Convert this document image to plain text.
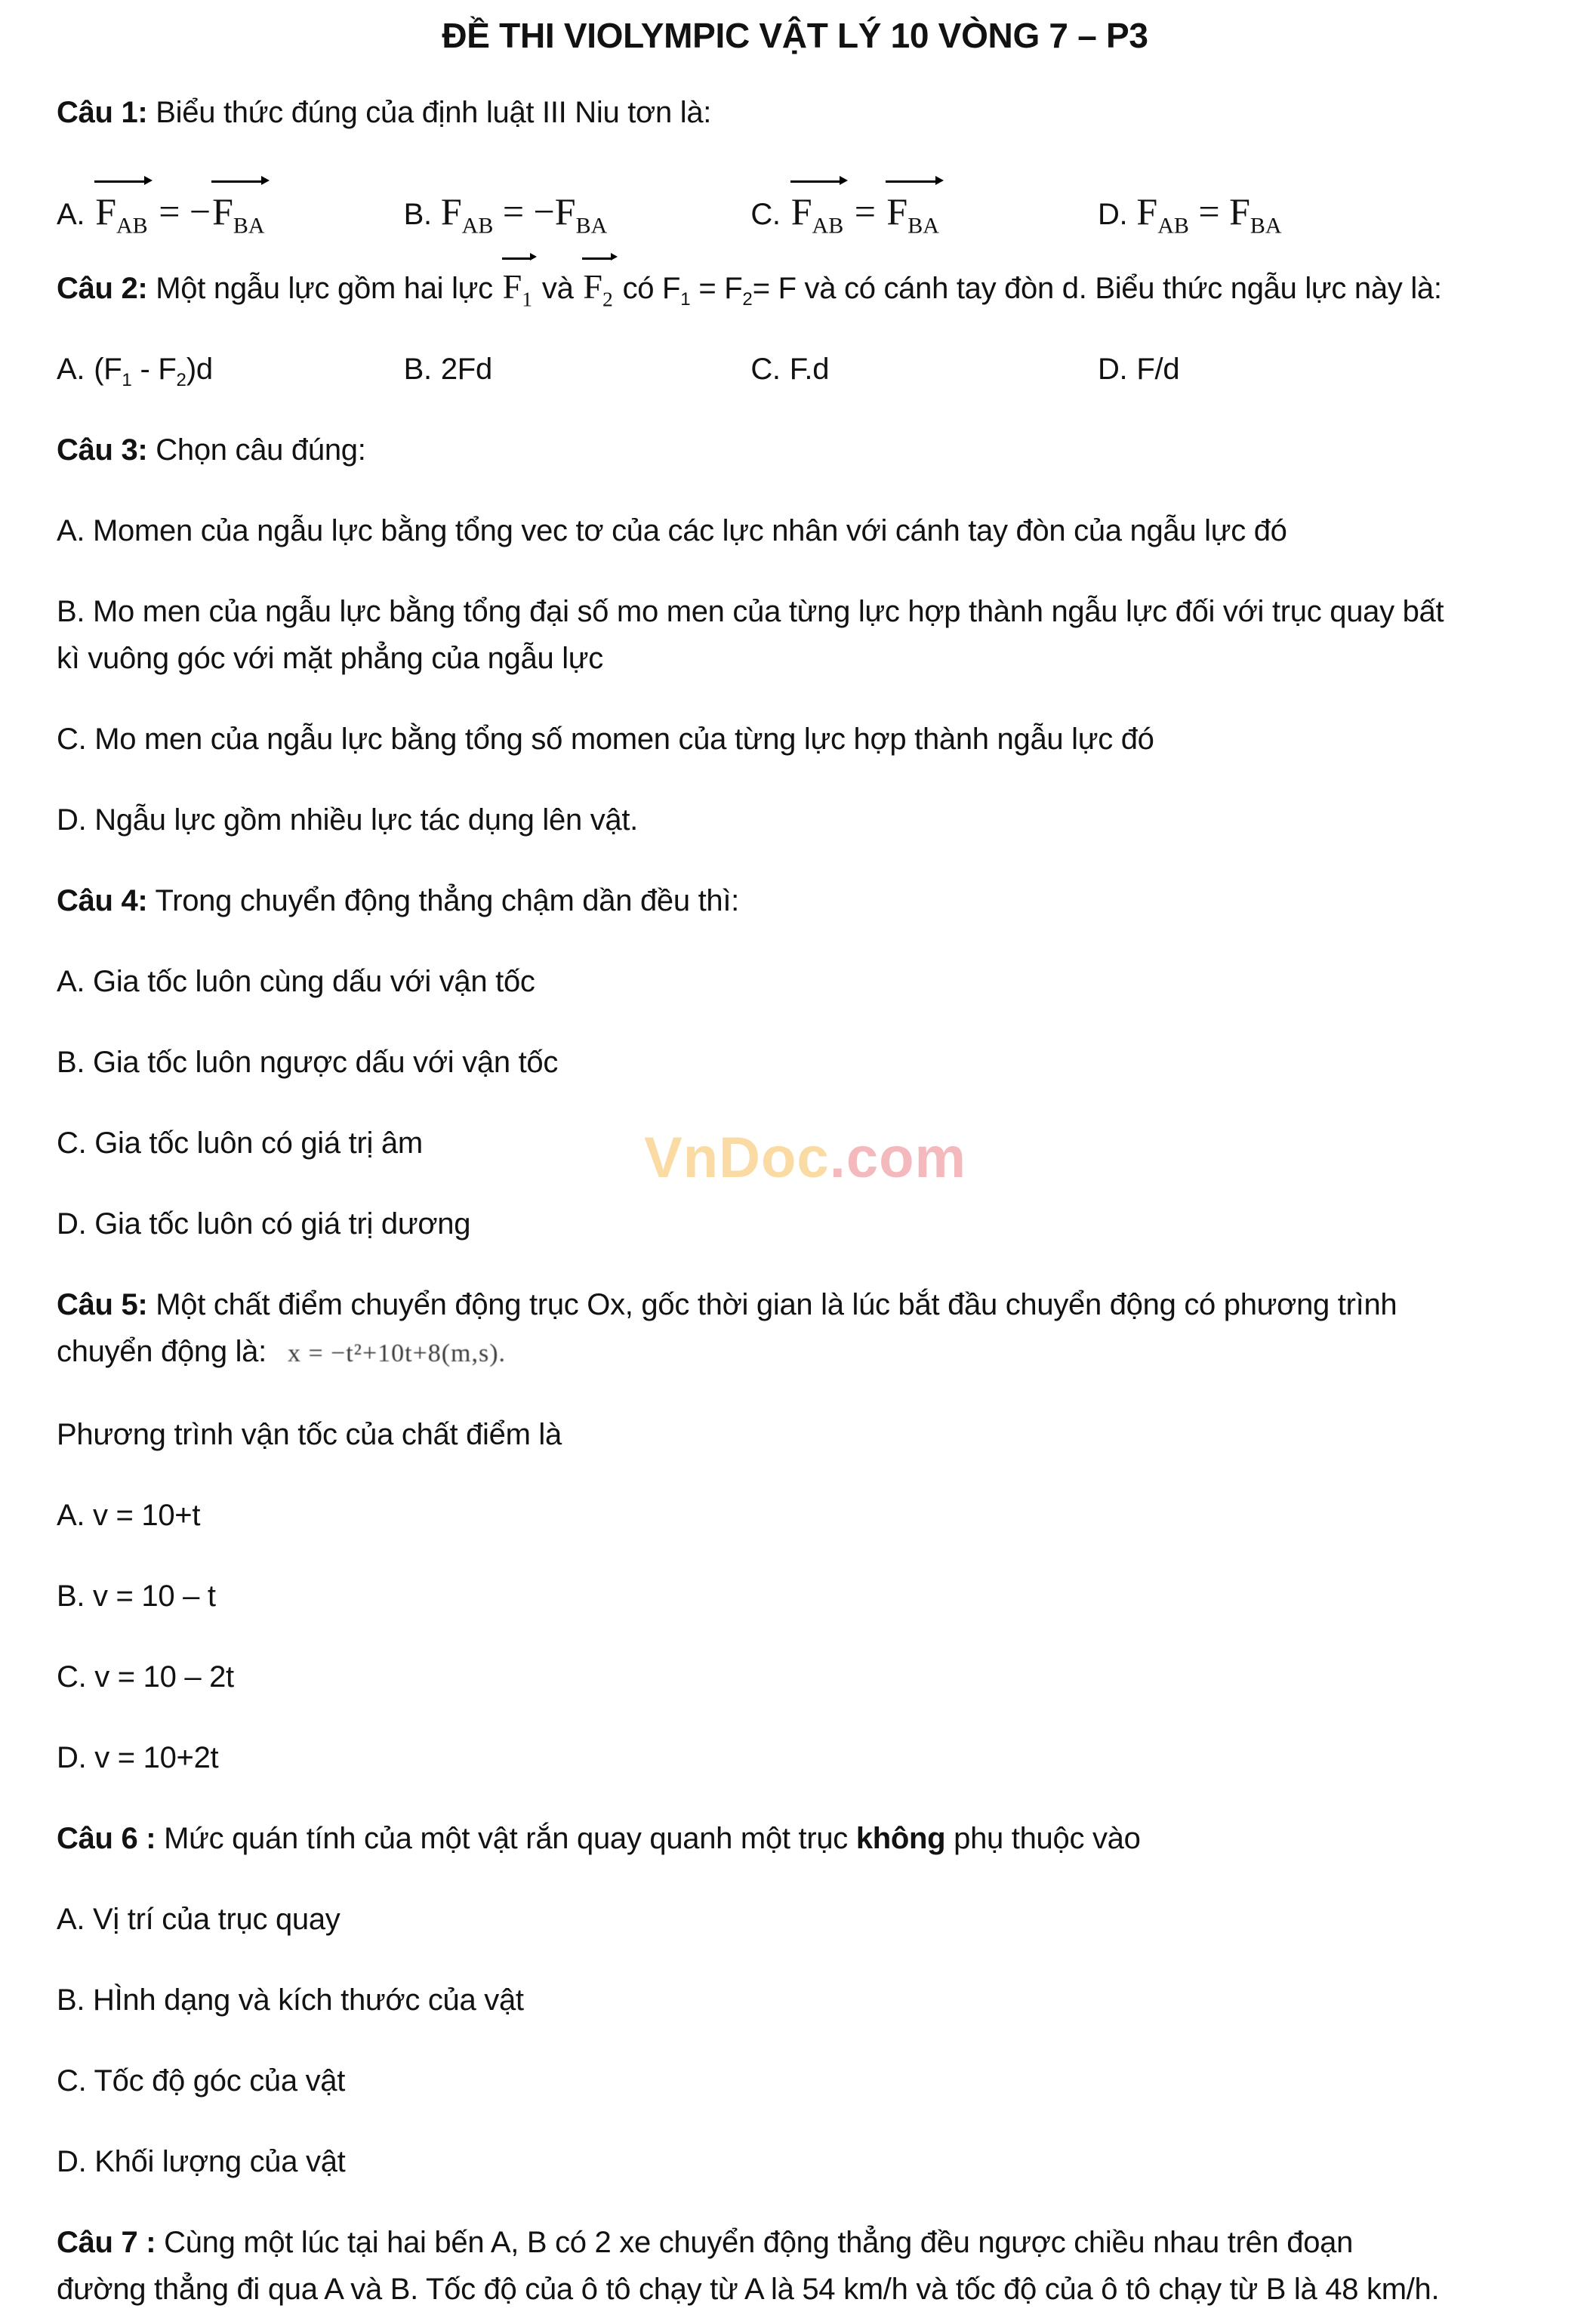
ĐỀ THI VIOLYMPIC VẬT LÝ 10 VÒNG 7 – P3

Câu 1: Biểu thức đúng của định luật III Niu tơn là:

A. $F_{AB}$ = −
$F_{BA}$	B. $F_{AB} = -F_{BA}$	C. $F_{AB} = F_{BA}$	D. $F_{AB} = F_{BA}$

Câu 2: Một ngẫu lực gồm hai lực $F_1$ và $F_2$ có $F_1 = F_2= F$ và có cánh tay đòn d. Biểu thức ngẫu lực này là:

A. $(F_1 - F_2)d$	B. 2Fd	C. F.d	D. F/d

Câu 3: Chọn câu đúng:

A. Momen của ngẫu lực bằng tổng vec tơ của các lực nhân với cánh tay đòn của ngẫu lực đó

B. Mo men của ngẫu lực bằng tổng đại số mo men của từng lực hợp thành ngẫu lực đối với trục quay bất
kì vuông góc với mặt phẳng của ngẫu lực

C. Mo men của ngẫu lực bằng tổng số momen của từng lực hợp thành ngẫu lực đó

D. Ngẫu lực gồm nhiều lực tác dụng lên vật.

Câu 4: Trong chuyển động thẳng chậm dần đều thì:

A. Gia tốc luôn cùng dấu với vận tốc

B. Gia tốc luôn ngược dấu với vận tốc

C. Gia tốc luôn có giá trị âm

D. Gia tốc luôn có giá trị dương

Câu 5: Một chất điểm chuyển động trục Ox, gốc thời gian là lúc bắt đầu chuyển động có phương trình
chuyển động là: x = −t²+10t+8(m,s).

Phương trình vận tốc của chất điểm là

A. v = 10+t

B. v = 10 – t

C. v = 10 – 2t

D. v = 10+2t

Câu 6 : Mức quán tính của một vật rắn quay quanh một trục không phụ thuộc vào

A. Vị trí của trục quay

B. HÌnh dạng và kích thước của vật

C. Tốc độ góc của vật

D. Khối lượng của vật

Câu 7 : Cùng một lúc tại hai bến A, B có 2 xe chuyển động thẳng đều ngược chiều nhau trên đoạn
đường thẳng đi qua A và B. Tốc độ của ô tô chạy từ A là 54 km/h và tốc độ của ô tô chạy từ B là 48 km/h.

VnDoc.com
